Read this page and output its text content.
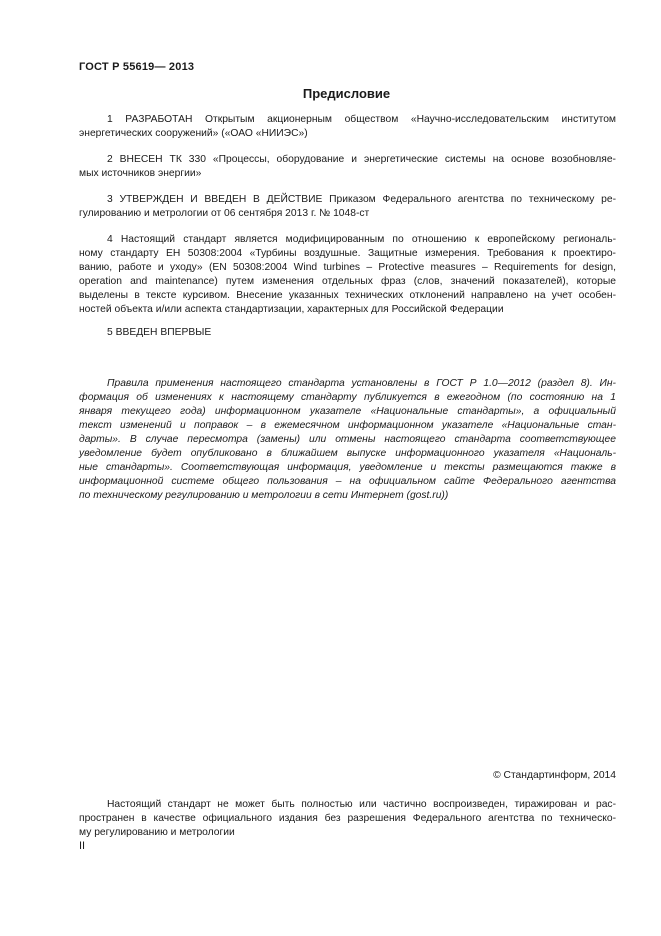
ГОСТ Р 55619— 2013
Предисловие
1 РАЗРАБОТАН Открытым акционерным обществом «Научно-исследовательским институтом
энергетических сооружений» («ОАО «НИИЭС»)
2 ВНЕСЕН ТК 330 «Процессы, оборудование и энергетические системы на основе возобновляе-
мых источников энергии»
3 УТВЕРЖДЕН И ВВЕДЕН В ДЕЙСТВИЕ Приказом Федерального агентства по техническому ре-
гулированию и метрологии от 06 сентября 2013 г. № 1048-ст
4 Настоящий стандарт является модифицированным по отношению к европейскому региональ-
ному стандарту ЕН 50308:2004 «Турбины воздушные. Защитные измерения. Требования к проектиро-
ванию, работе и уходу» (EN 50308:2004 Wind turbines – Protective measures – Requirements for design,
operation and maintenance) путем изменения отдельных фраз (слов, значений показателей), которые
выделены в тексте курсивом. Внесение указанных технических отклонений направлено на учет особен-
ностей объекта и/или аспекта стандартизации, характерных для Российской Федерации
5 ВВЕДЕН ВПЕРВЫЕ
Правила применения настоящего стандарта установлены в ГОСТ Р 1.0—2012 (раздел 8). Ин-
формация об изменениях к настоящему стандарту публикуется в ежегодном (по состоянию на 1
января текущего года) информационном указателе «Национальные стандарты», а официальный
текст изменений и поправок – в ежемесячном информационном указателе «Национальные стан-
дарты». В случае пересмотра (замены) или отмены настоящего стандарта соответствующее
уведомление будет опубликовано в ближайшем выпуске информационного указателя «Националь-
ные стандарты». Соответствующая информация, уведомление и тексты размещаются также в
информационной системе общего пользования – на официальном сайте Федерального агентства
по техническому регулированию и метрологии в сети Интернет (gost.ru))
© Стандартинформ, 2014
Настоящий стандарт не может быть полностью или частично воспроизведен, тиражирован и рас-
пространен в качестве официального издания без разрешения Федерального агентства по техническо-
му регулированию и метрологии
II
